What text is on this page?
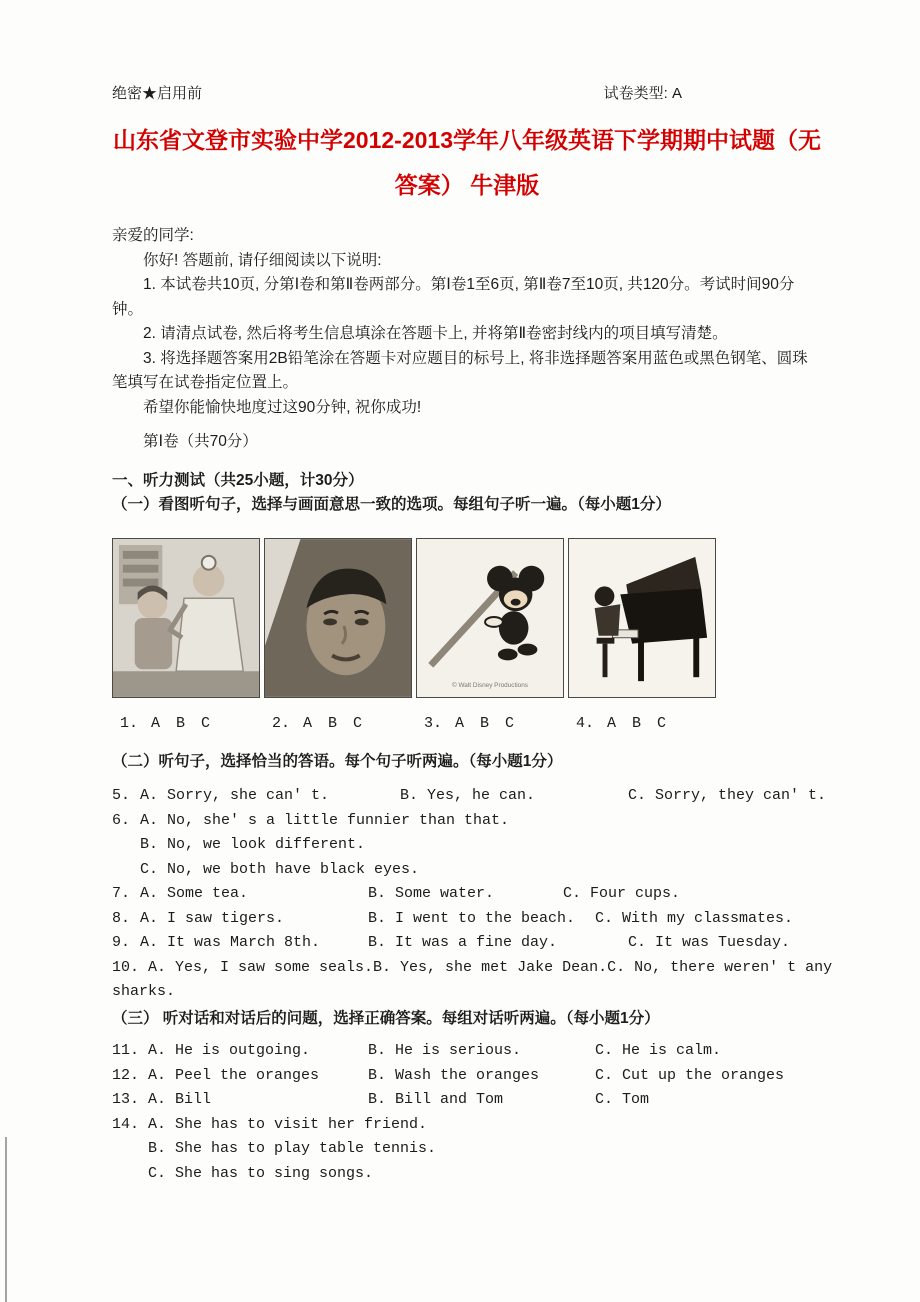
绝密★启用前	试卷类型: A
山东省文登市实验中学2012-2013学年八年级英语下学期期中试题（无答案） 牛津版

亲爱的同学:

你好! 答题前, 请仔细阅读以下说明:

1. 本试卷共10页, 分第Ⅰ卷和第Ⅱ卷两部分。第Ⅰ卷1至6页, 第Ⅱ卷7至10页, 共120分。考试时间90分钟。

2. 请清点试卷, 然后将考生信息填涂在答题卡上, 并将第Ⅱ卷密封线内的项目填写清楚。

3. 将选择题答案用2B铅笔涂在答题卡对应题目的标号上, 将非选择题答案用蓝色或黑色钢笔、圆珠笔填写在试卷指定位置上。

希望你能愉快地度过这90分钟, 祝你成功!

第Ⅰ卷（共70分）

一、听力测试（共25小题，计30分）

（一）看图听句子，选择与画面意思一致的选项。每组句子听一遍。（每小题1分）

© Walt Disney Productions
1. A B C	2. A B C	3. A B C	4. A B C

（二）听句子，选择恰当的答语。每个句子听两遍。（每小题1分）

5. A. Sorry, she can' t.	B. Yes, he can.	C. Sorry, they can' t.
6. A. No, she' s a little funnier than that.
B. No, we look different.
C. No, we both have black eyes.
7. A. Some tea.	B. Some water.	C. Four cups.
8. A. I saw tigers.	B. I went to the beach.	C. With my classmates.
9. A. It was March 8th.	B. It was a fine day.	C. It was Tuesday.
10. A. Yes, I saw some seals. B. Yes, she met Jake Dean. C. No, there weren' t any
sharks.

（三） 听对话和对话后的问题，选择正确答案。每组对话听两遍。（每小题1分）

11. A. He is outgoing.	B. He is serious.	C. He is calm.
12. A. Peel the oranges	B. Wash the oranges	C. Cut up the oranges
13. A. Bill	B. Bill and Tom	C. Tom
14. A. She has to visit her friend.
B. She has to play table tennis.
C. She has to sing songs.
